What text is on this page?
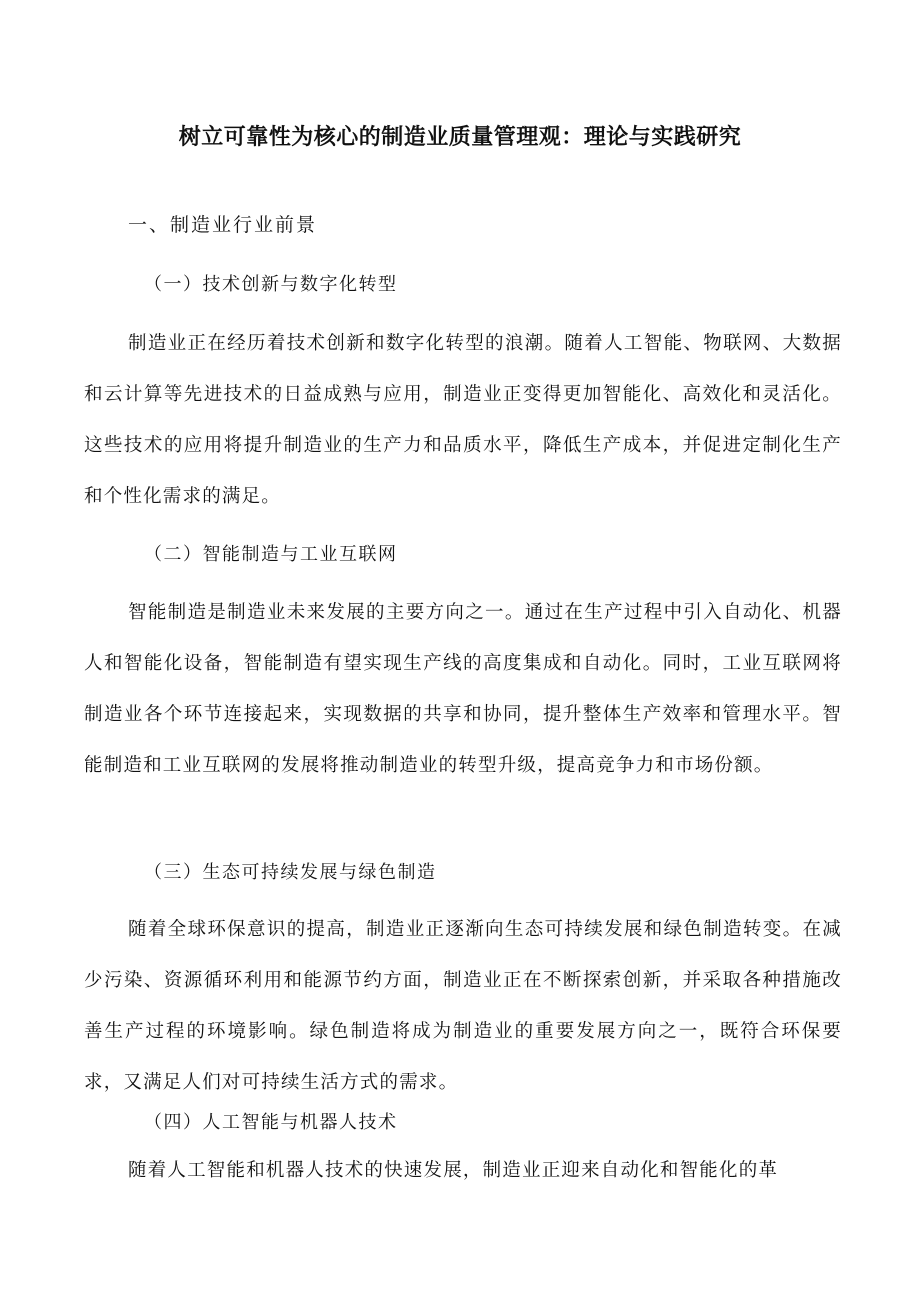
树立可靠性为核心的制造业质量管理观：理论与实践研究
一、制造业行业前景
（一）技术创新与数字化转型

制造业正在经历着技术创新和数字化转型的浪潮。随着人工智能、物联网、大数据和云计算等先进技术的日益成熟与应用，制造业正变得更加智能化、高效化和灵活化。这些技术的应用将提升制造业的生产力和品质水平，降低生产成本，并促进定制化生产和个性化需求的满足。

（二）智能制造与工业互联网

智能制造是制造业未来发展的主要方向之一。通过在生产过程中引入自动化、机器人和智能化设备，智能制造有望实现生产线的高度集成和自动化。同时，工业互联网将制造业各个环节连接起来，实现数据的共享和协同，提升整体生产效率和管理水平。智能制造和工业互联网的发展将推动制造业的转型升级，提高竞争力和市场份额。

（三）生态可持续发展与绿色制造

随着全球环保意识的提高，制造业正逐渐向生态可持续发展和绿色制造转变。在减少污染、资源循环利用和能源节约方面，制造业正在不断探索创新，并采取各种措施改善生产过程的环境影响。绿色制造将成为制造业的重要发展方向之一，既符合环保要求，又满足人们对可持续生活方式的需求。

（四）人工智能与机器人技术

随着人工智能和机器人技术的快速发展，制造业正迎来自动化和智能化的革
